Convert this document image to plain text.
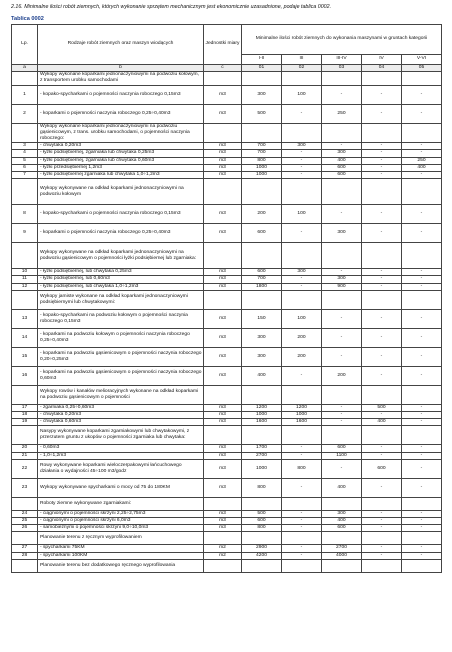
2.16. Minimalne ilości robót ziemnych, których wykonanie sprzętem mechanicznym jest ekonomicznie uzasadnione, podaje tablica 0002.
Tablica 0002
Lp.	Rodzaje robót ziemnych oraz maszyn wiodących	Jednostki miary	Minimalne ilości robót ziemnych do wykonania maszynami w gruntach kategorii				
			I-II	III	III-IV	IV	V-VI
a	b	c	01	02	03	04	05
	Wykopy wykonane koparkami jednonaczyniowymi na podwoziu kołowym, z transportem urobku samochodami						
1	- kopako-spycharkami o pojemności naczynia roboczego 0,15m3	m3	300	100	-	-	-
2	- koparkami o pojemności naczynia roboczego 0,25÷0,40m3	m3	500	-	250	-	-
	Wykopy wykonane koparkami jednonaczyniowymi na podwoziu gąsienicowym, z trans. urobku samochodami, o pojemności naczynia roboczego:						
3	- chwytaka 0,20m3	m3	700	300	-	-	-
4	- łyżki podsiębiernej, zgarniaka lub chwytaka 0,25m3	m3	700	-	300	-	-
5	- łyżki podsiębiernej, zgarniaka lub chwytaka 0,60m3	m3	800	-	400	-	250
6	- łyżki przedsiębiernej 1,2m3	m3	1000	-	600	-	400
7	- łyżki podsiębiernej zgarniaka lub chwytaka 1,0÷1,2m3	m3	1000	-	600	-	-
	Wykopy wykonywane na odkład koparkami jednonaczyniowymi na podwoziu kołowym						
8	- kopako-spycharkami o pojemności naczynia roboczego 0,15m3	m3	200	100	-	-	-
9	- koparkami o pojemności naczynia roboczego 0,25÷0,40m3	m3	600	-	300	-	-
	Wykopy wykonywane na odkład koparkami jednonaczyniowymi na podwoziu gąsienicowym o pojemności łyżki podsiębiernej lub zgarniaka:						
10	- łyżki podsiębiernej, lub chwytaka 0,25m3	m3	600	300	-	-	-
11	- łyżki podsiębiernej, lub 0,60m3	m3	700	-	300	-	-
12	- łyżki podsiębiernej, lub chwytaka 1,0÷1,2m3	m3	1800	-	900	-	-
	Wykopy jamiste wykonane na odkład koparkami jednonaczyniowymi podsiębiernymi lub chwytakowymi:						
13	- kopako-spycharkami na podwoziu kołowym o pojemności naczynia roboczego 0,15m3	m3	150	100	-	-	-
14	- koparkami na podwoziu kołowym o pojemności naczynia roboczego 0,25÷0,40m3	m3	300	200	-	-	-
15	- koparkami na podwoziu gąsienicowym o pojemności naczynia roboczego 0,20÷0,25m3	m3	300	200	-	-	-
16	- koparkami na podwoziu gąsienicowym o pojemności naczynia roboczego 0,60m3	m3	400	-	200	-	-
	Wykopy rowów i kanałów melioracyjnych wykonane na odkład koparkami na podwoziu gąsienicowym o pojemności						
17	- zgarniaka 0,25÷0,60m3	m3	1200	1200	-	500	-
18	- chwytaka 0,20m3	m3	1000	1000	-	-	-
19	- chwytaka 0,60m3	m3	1600	1600	-	400	-
	Nasypy wykonywane koparkami zgarniakowymi lub chwytakowymi, z przerzutem gruntu z ukopów o pojemności zgarniaka lub chwytaka:						
20	- 0,60m3	m3	1700	-	600	-	-
21	- 1,0÷1,2m3	m3	2700	-	1100	-	-
22	Rowy wykonywane koparkami wieloczerpakowymi łańcuchowego działania o wydajności 45÷100 m3/godz	m3	1000	800	-	600	-
23	Wykopy wykonywane spycharkami o mocy od 75 do 180KM	m3	800	-	400	-	-
	Roboty ziemne wykonywane zgarniakami:						
24	- ciągnionymi o pojemności skrzyni 2,25÷2,75m3	m3	500	-	300	-	-
25	- ciągnionymi o pojemności skrzyni 6,0m3	m3	600	-	400	-	-
26	- samobieżnymi o pojemności skrzyni 9,0÷10,0m3	m3	800	-	600	-	-
	Planowanie terenu z ręcznym wyprofilowaniem						
27	- spycharkami 75KM	m2	2900	-	2700	-	-
28	- spycharkami 100KM	m2	4200	-	4000	-	-
	Planowanie terenu bez dodatkowego ręcznego wyprofilowania						
